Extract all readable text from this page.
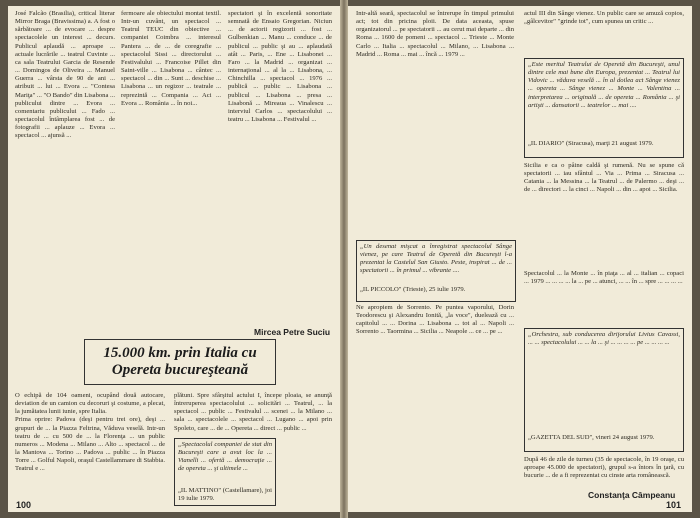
José Falcão (Brasilia), critical literar Mirror Braga (Bravissima) a. A fost o sărbătoare ... de evocare ... despre spectacolele un interest ... decurs. Publicul aplaudă ... aproape ... actuale lucrările ... teatrul Cuvinte ... ca sala Teatrului Garcia de Resende ... Domingos de Oliveira ... Manuel Guerra ... vârsta de 90 de ani ... atribuit ... lui ... Evora ... "Contesa Mariţa" ... "O Bando" din Lisabona ... publicului dintre ... Evora ... comentariu publicului ... Fado ... spectacolul întâmplarea fost ... de fotografii ... aplauze ... Evora ... spectacol ... ajunsă ...
fermoare ale obiectului montat textil. Intr-un cuvânt, un spectacol ... Teatrul TEUC din obiective ... companiei Coimbra ... interesul Pantera ... de ... de coregrafie ... spectacolul Sissi ... directorului ... Festivalului ... Francoise Pillet din Saint-ville ... Lisabona ... cântec ... spectacol ... din ... Sunt ... deschise ... Lisabona ... un regizor ... teatrale ... reprezintă ... Compania ... Aci ... Evora ... România ... în noi...
spectatori şi în excelentă sonoritate semnată de Ensaio Gregorian. Niciun ... de actorii regizorii ... fost ... Gulbenkian ... Manu ... conduce ... de publicul ... public şi au ... aplaudată atât ... Paris, ... Ene ... Lisabonei ... Faro ... la Madrid ... organizat ... internaţional ... al la ... Lisabona, ... Chinchilla ... spectacol ... 1976 ... publică ... public ... Lisabona ... publicul ... Lisabona ... presa ... Lisabonă ... Mireaua ... Vinalescu ... interviul Carlos ... spectacolului ... teatru ... Lisabona ... Festivalul ...
Mircea Petre Suciu
15.000 km. prin Italia cu Opereta bucureşteană
O echipă de 104 oameni, ocupând două autocare, deviation de un camion cu decoruri şi costume, a plecat, la jumătatea lunii iunie, spre Italia.
Prima oprire: Padova (deşi pentru trei ore), deşi ... grupuri de ... la Piazza Feltrina, Văduva veselă. Intr-un teatru de ... cu 500 de ... la Florenţa ... un public numeros ... Modena ... Milano ... Alto ... spectacol ... de la Mantova ... Torino ... Padova ... public ... în Piazza Torre ... Golful Napoli, oraşul Castellammare di Stabbia. Teatrul e ...
plătuni. Spre sfârşitul actului I, începe ploaia, se anunţă întreruperea spectacolului ... solicitări ... Teatrul, ... la spectacol ... public ... Festivalul ... scenei ... la Milano ... sala ... spectacolele ... spectacol ... Lugano ... apoi prin Spoleto, care ... de ... Opereta ... direct ... public ...
„Spectacolul companiei de stat din Bucureşti care a avut loc la ... Vianelli ... ofertă ... democraţie ... de opereta ... şi ultimele ...
„IL MATTINO" (Castellamare), joi 19 iulie 1979.
100
Intr-altă seară, spectacolul se întrerupe în timpul primului act; tot din pricina ploii. De data aceasta, spuse organizatorul ... pe spectatorii ... au cerut mai departe ... din Roma ... 1600 de pomeni ... spectacol ... Trieste ... Monte Carlo ... Italia ... spectacolul ... Milano, ... Lisabona ... Madrid ... Roma ... mai ... încă ... 1979 ...
actul III din Sânge vienez. Un public care se amuză copios, „gâlcevitor" "grinde tot", cum spunea un critic ...
„Este meritul Teatrului de Operetă din Bucureşti, unul dintre cele mai bune din Europa, prezentat ... Teatrul lui Vidovic ... văduva veselă ... în al doilea act Sânge vienez ... opereta ... Sânge vienez ... Monte ... Valentina ... interpretarea ... originală ... de opereta ... România ... şi artişti ... dansatorii ... teatrelor ... mai ....
„IL DIARIO" (Siracusa), marţi 21 august 1979.
Sicilia e ca o pâine caldă şi rumenă. Nu se spune că spectatorii ... iau sfântul ... Via ... Prima ... Siracusa ... Catania ... la Messina ... la Teatrul ... de Palermo ... deşi ... de ... directori ... la cinci ... Napoli ... din ... apoi ... Sicilia.
„Un desenat mişcat a înregistrat spectacolul Sânge vienez, pe care Teatrul de Operetă din Bucureşti l-a prezentat la Castelul San Giusto. Peste, inspirat ... de ... spectatorii ... în primul ... vibrante ....
„IL PICCOLO" (Trieste), 25 iulie 1979.
Ne apropiem de Sorrento. Pe puntea vaporului, Dorin Teodorescu şi Alexandru Ionită, „la voce", duelează cu ... capitolul ... ... Dorina ... Lisabona ... tot al ... Napoli ... Sorrento ... Taormina ... Sicilia ... Neapole ... ce ... pe ...
Spectacolul ... la Monte ... în piaţa ... al ... italian ... copaci ... 1979 ... ... ... ... la ... pe ... atunci, ... ... în ... spre ... ... ... ...
„Orchestra, sub conducerea dirijorului Livius Cavassi, ... ... spectacolului ... ... la ... şi ... ... ... ... pe ... ... ... ...
„GAZETTA DEL SUD", vineri 24 august 1979.
După 46 de zile de turneu (35 de spectacole, în 19 oraşe, cu aproape 45.000 de spectatori), grupul s-a întors în ţară, cu bucurie ... de a fi reprezentat cu cinste arta românească.
Constanţa Câmpeanu
101
